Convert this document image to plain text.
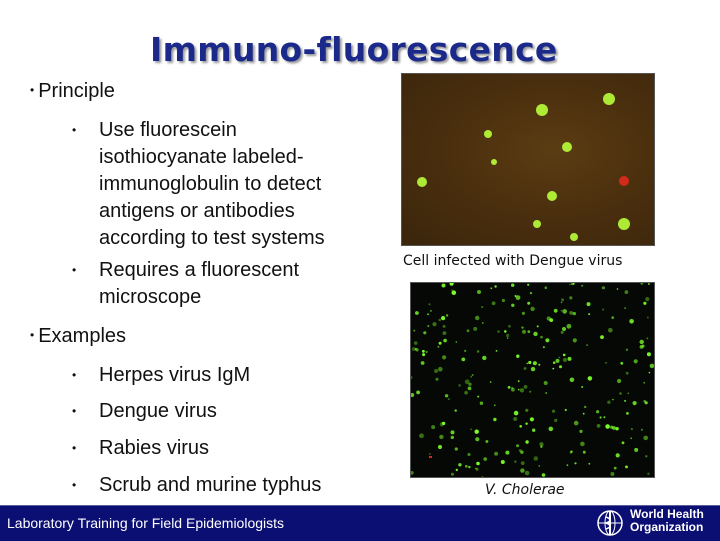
Immuno-fluorescence
• Principle
• Use fluorescein
isothiocyanate labeled-
immunoglobulin to detect
antigens or antibodies
according to test systems
• Requires a fluorescent
microscope
• Examples
• Herpes virus IgM
• Dengue virus
• Rabies virus
• Scrub and murine typhus
Cell infected with Dengue virus
V. Cholerae
Laboratory Training for Field Epidemiologists
World Health
Organization
